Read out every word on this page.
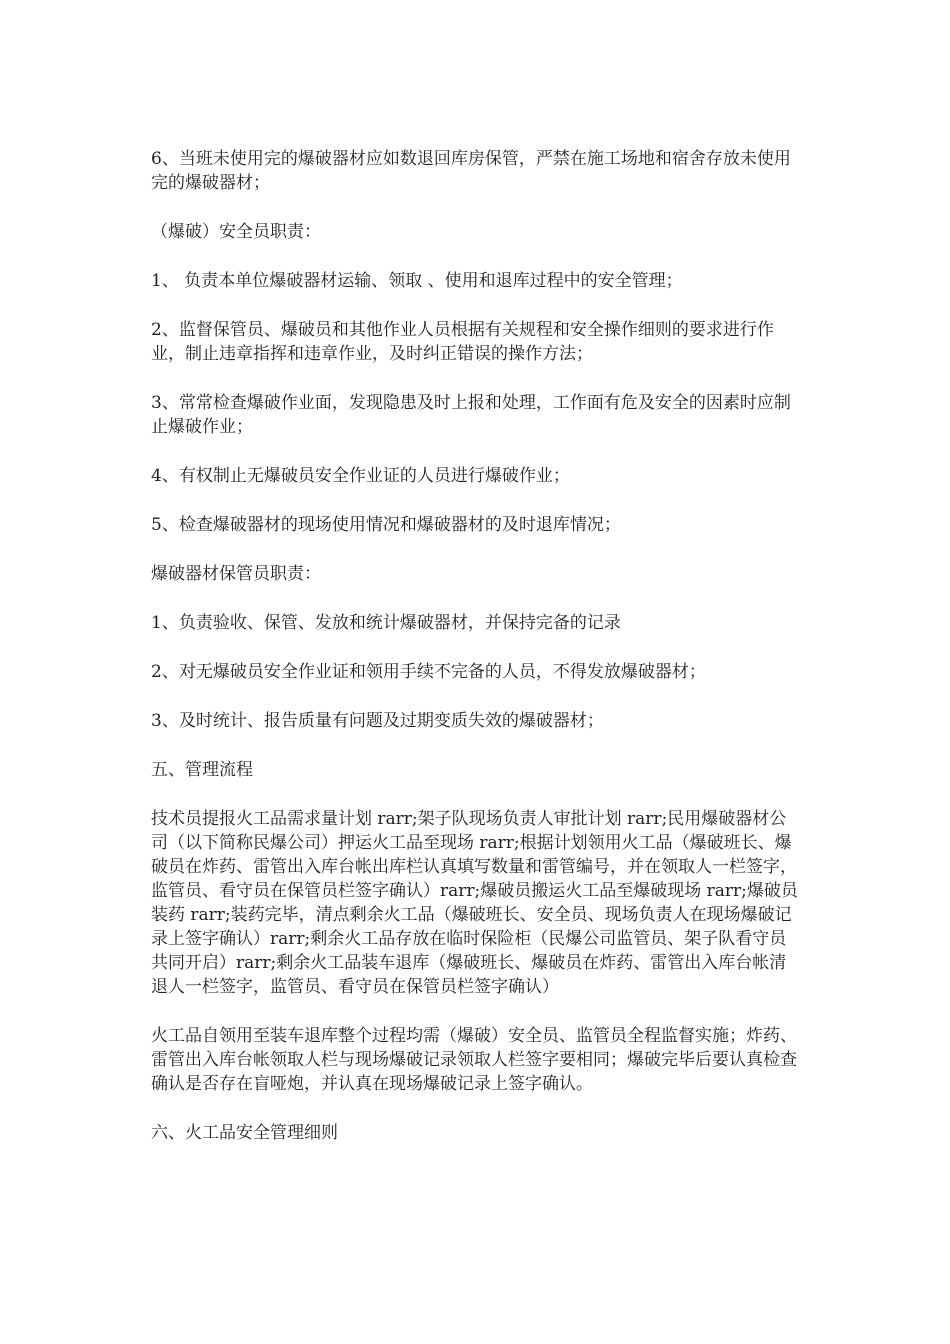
6、当班未使用完的爆破器材应如数退回库房保管，严禁在施工场地和宿舍存放未使用完的爆破器材；

（爆破）安全员职责：

1、 负责本单位爆破器材运输、领取 、使用和退库过程中的安全管理；

2、监督保管员、爆破员和其他作业人员根据有关规程和安全操作细则的要求进行作业，制止违章指挥和违章作业，及时纠正错误的操作方法；

3、常常检查爆破作业面，发现隐患及时上报和处理，工作面有危及安全的因素时应制止爆破作业；

4、有权制止无爆破员安全作业证的人员进行爆破作业；

5、检查爆破器材的现场使用情况和爆破器材的及时退库情况；

爆破器材保管员职责：

1、负责验收、保管、发放和统计爆破器材，并保持完备的记录

2、对无爆破员安全作业证和领用手续不完备的人员，不得发放爆破器材；

3、及时统计、报告质量有问题及过期变质失效的爆破器材；

五、管理流程

技术员提报火工品需求量计划 rarr;架子队现场负责人审批计划 rarr;民用爆破器材公司（以下简称民爆公司）押运火工品至现场 rarr;根据计划领用火工品（爆破班长、爆破员在炸药、雷管出入库台帐出库栏认真填写数量和雷管编号，并在领取人一栏签字，监管员、看守员在保管员栏签字确认）rarr;爆破员搬运火工品至爆破现场 rarr;爆破员装药 rarr;装药完毕，清点剩余火工品（爆破班长、安全员、现场负责人在现场爆破记录上签字确认）rarr;剩余火工品存放在临时保险柜（民爆公司监管员、架子队看守员共同开启）rarr;剩余火工品装车退库（爆破班长、爆破员在炸药、雷管出入库台帐清退人一栏签字，监管员、看守员在保管员栏签字确认）

火工品自领用至装车退库整个过程均需（爆破）安全员、监管员全程监督实施；炸药、雷管出入库台帐领取人栏与现场爆破记录领取人栏签字要相同；爆破完毕后要认真检查确认是否存在盲哑炮，并认真在现场爆破记录上签字确认。

六、火工品安全管理细则
